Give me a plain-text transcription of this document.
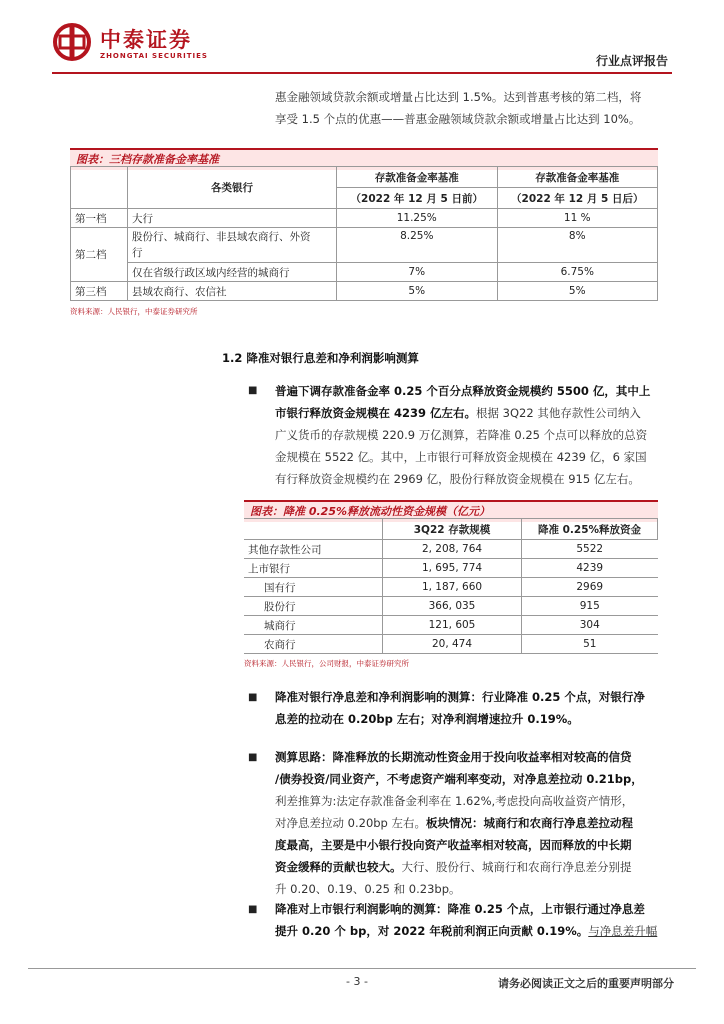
中泰证券
ZHONGTAI SECURITIES	行业点评报告
惠金融领域贷款余额或增量占比达到 1.5%。达到普惠考核的第二档，将
享受 1.5 个点的优惠——普惠金融领域贷款余额或增量占比达到 10%。
图表：三档存款准备金率基准
	各类银行	存款准备金率基准	存款准备金率基准
		（2022 年 12 月 5 日前）	（2022 年 12 月 5 日后）
第一档	大行	11.25%	11 %
第二档	股份行、城商行、非县域农商行、外资
行	8.25%	8%
	仅在省级行政区域内经营的城商行	7%	6.75%
第三档	县域农商行、农信社	5%	5%
资料来源：人民银行，中泰证券研究所
1.2 降准对银行息差和净利润影响测算
■ 普遍下调存款准备金率 0.25 个百分点释放资金规模约 5500 亿，其中上
市银行释放资金规模在 4239 亿左右。根据 3Q22 其他存款性公司纳入
广义货币的存款规模 220.9 万亿测算，若降准 0.25 个点可以释放的总资
金规模在 5522 亿。其中，上市银行可释放资金规模在 4239 亿，6 家国
有行释放资金规模约在 2969 亿，股份行释放资金规模在 915 亿左右。
图表：降准 0.25%释放流动性资金规模（亿元）
	3Q22 存款规模	降准 0.25%释放资金
其他存款性公司	2, 208, 764	5522
上市银行	1, 695, 774	4239
国有行	1, 187, 660	2969
股份行	366, 035	915
城商行	121, 605	304
农商行	20, 474	51
资料来源：人民银行，公司财报，中泰证券研究所
■ 降准对银行净息差和净利润影响的测算：行业降准 0.25 个点，对银行净
息差的拉动在 0.20bp 左右；对净利润增速拉升 0.19%。
■ 测算思路：降准释放的长期流动性资金用于投向收益率相对较高的信贷
/债券投资/同业资产，不考虑资产端利率变动，对净息差拉动 0.21bp，
利差推算为:法定存款准备金利率在 1.62%,考虑投向高收益资产情形，
对净息差拉动 0.20bp 左右。板块情况：城商行和农商行净息差拉动程
度最高，主要是中小银行投向资产收益率相对较高，因而释放的中长期
资金缓释的贡献也较大。大行、股份行、城商行和农商行净息差分别提
升 0.20、0.19、0.25 和 0.23bp。
■ 降准对上市银行利润影响的测算：降准 0.25 个点，上市银行通过净息差
提升 0.20 个 bp，对 2022 年税前利润正向贡献 0.19%。与净息差升幅
- 3 -	请务必阅读正文之后的重要声明部分
